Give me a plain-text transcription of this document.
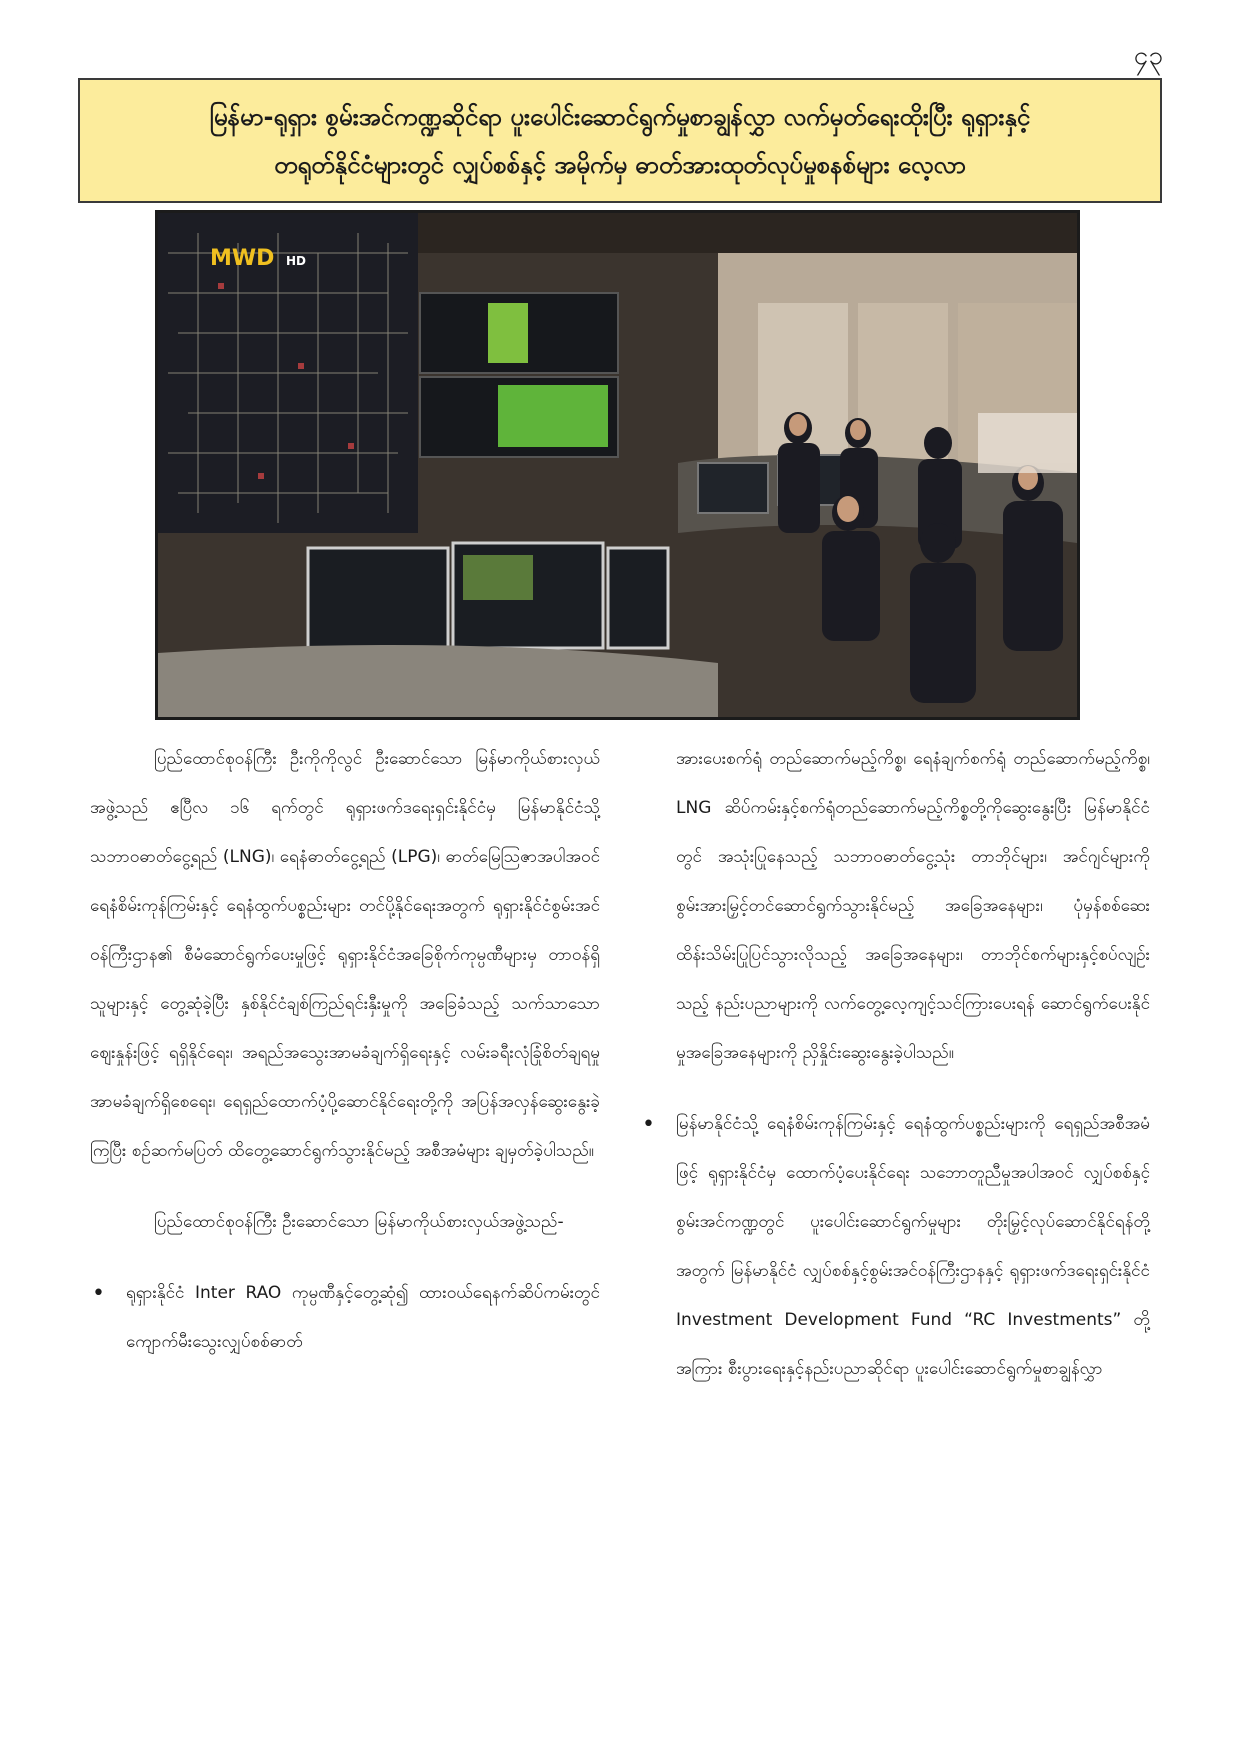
၄၃
မြန်မာ-ရုရှား စွမ်းအင်ကဏ္ဍဆိုင်ရာ ပူးပေါင်းဆောင်ရွက်မှုစာချွန်လွှာ လက်မှတ်ရေးထိုးပြီး ရုရှားနှင့်
တရုတ်နိုင်ငံများတွင် လျှပ်စစ်နှင့် အမိုက်မှ ဓာတ်အားထုတ်လုပ်မှုစနစ်များ လေ့လာ
MWD HD

ပြည်ထောင်စုဝန်ကြီး ဦးကိုကိုလွင် ဦးဆောင်သော မြန်မာကိုယ်စားလှယ်အဖွဲ့သည် ဧပြီလ ၁၆ ရက်တွင် ရုရှားဖက်ဒရေးရှင်းနိုင်ငံမှ မြန်မာနိုင်ငံသို့ သဘာဝဓာတ်ငွေ့ရည် (LNG)၊ ရေနံဓာတ်ငွေ့ရည် (LPG)၊ ဓာတ်မြေသြဇာအပါအဝင် ရေနံစိမ်းကုန်ကြမ်းနှင့် ရေနံထွက်ပစ္စည်းများ တင်ပို့နိုင်ရေးအတွက် ရုရှားနိုင်ငံစွမ်းအင်ဝန်ကြီးဌာန၏ စီမံဆောင်ရွက်ပေးမှုဖြင့် ရုရှားနိုင်ငံအခြေစိုက်ကုမ္ပဏီများမှ တာဝန်ရှိသူများနှင့် တွေ့ဆုံခဲ့ပြီး နှစ်နိုင်ငံချစ်ကြည်ရင်းနှီးမှုကို အခြေခံသည့် သက်သာသောဈေးနှုန်းဖြင့် ရရှိနိုင်ရေး၊ အရည်အသွေးအာမခံချက်ရှိရေးနှင့် လမ်းခရီးလုံခြုံစိတ်ချရမှုအာမခံချက်ရှိစေရေး၊ ရေရှည်ထောက်ပံ့ပို့ဆောင်နိုင်ရေးတို့ကို အပြန်အလှန်ဆွေးနွေးခဲ့ကြပြီး စဉ်ဆက်မပြတ် ထိတွေ့ဆောင်ရွက်သွားနိုင်မည့် အစီအမံများ ချမှတ်ခဲ့ပါသည်။

ပြည်ထောင်စုဝန်ကြီး ဦးဆောင်သော မြန်မာကိုယ်စားလှယ်အဖွဲ့သည်-

• ရုရှားနိုင်ငံ Inter RAO ကုမ္ပဏီနှင့်တွေ့ဆုံ၍ ထားဝယ်ရေနက်ဆိပ်ကမ်းတွင် ကျောက်မီးသွေးလျှပ်စစ်ဓာတ်

အားပေးစက်ရုံ တည်ဆောက်မည့်ကိစ္စ၊ ရေနံချက်စက်ရုံ တည်ဆောက်မည့်ကိစ္စ၊ LNG ဆိပ်ကမ်းနှင့်စက်ရုံတည်ဆောက်မည့်ကိစ္စတို့ကိုဆွေးနွေးပြီး မြန်မာနိုင်ငံတွင် အသုံးပြုနေသည့် သဘာဝဓာတ်ငွေ့သုံး တာဘိုင်များ၊ အင်ဂျင်များကို စွမ်းအားမြှင့်တင်ဆောင်ရွက်သွားနိုင်မည့် အခြေအနေများ၊ ပုံမှန်စစ်ဆေးထိန်းသိမ်းပြုပြင်သွားလိုသည့် အခြေအနေများ၊ တာဘိုင်စက်များနှင့်စပ်လျဉ်းသည့် နည်းပညာများကို လက်တွေ့လေ့ကျင့်သင်ကြားပေးရန် ဆောင်ရွက်ပေးနိုင်မှုအခြေအနေများကို ညှိနှိုင်းဆွေးနွေးခဲ့ပါသည်။

• မြန်မာနိုင်ငံသို့ ရေနံစိမ်းကုန်ကြမ်းနှင့် ရေနံထွက်ပစ္စည်းများကို ရေရှည်အစီအမံဖြင့် ရုရှားနိုင်ငံမှ ထောက်ပံ့ပေးနိုင်ရေး သဘောတူညီမှုအပါအဝင် လျှပ်စစ်နှင့်စွမ်းအင်ကဏ္ဍတွင် ပူးပေါင်းဆောင်ရွက်မှုများ တိုးမြှင့်လုပ်ဆောင်နိုင်ရန်တို့အတွက် မြန်မာနိုင်ငံ လျှပ်စစ်နှင့်စွမ်းအင်ဝန်ကြီးဌာနနှင့် ရုရှားဖက်ဒရေးရှင်းနိုင်ငံ Investment Development Fund “RC Investments” တို့အကြား စီးပွားရေးနှင့်နည်းပညာဆိုင်ရာ ပူးပေါင်းဆောင်ရွက်မှုစာချွန်လွှာ
